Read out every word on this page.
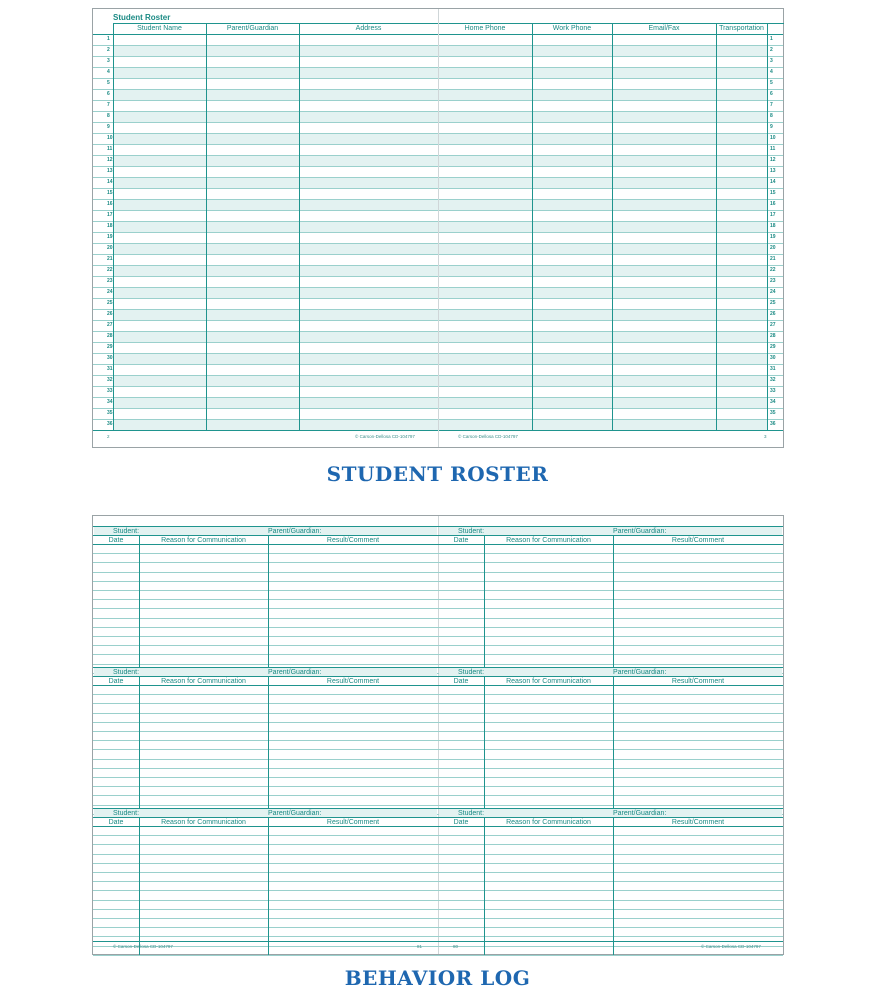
Student Roster
Student Name	Parent/Guardian	Address	Home Phone	Work Phone	Email/Fax	Transportation
1	1
2	2
3	3
4	4
5	5
6	6
7	7
8	8
9	9
10	10
11	11
12	12
13	13
14	14
15	15
16	16
17	17
18	18
19	19
20	20
21	21
22	22
23	23
24	24
25	25
26	26
27	27
28	28
29	29
30	30
31	31
32	32
33	33
34	34
35	35
36	36
2	© Carson-Dellosa CD-104797	© Carson-Dellosa CD-104797	3
STUDENT ROSTER
Student:	Parent/Guardian:
Date	Reason for Communication	Result/Comment
Student:	Parent/Guardian:
Date	Reason for Communication	Result/Comment
Student:	Parent/Guardian:
Date	Reason for Communication	Result/Comment
Student:	Parent/Guardian:
Date	Reason for Communication	Result/Comment
Student:	Parent/Guardian:
Date	Reason for Communication	Result/Comment
Student:	Parent/Guardian:
Date	Reason for Communication	Result/Comment
© Carson-Dellosa CD-104797	81	80	© Carson-Dellosa CD-104797
BEHAVIOR LOG
